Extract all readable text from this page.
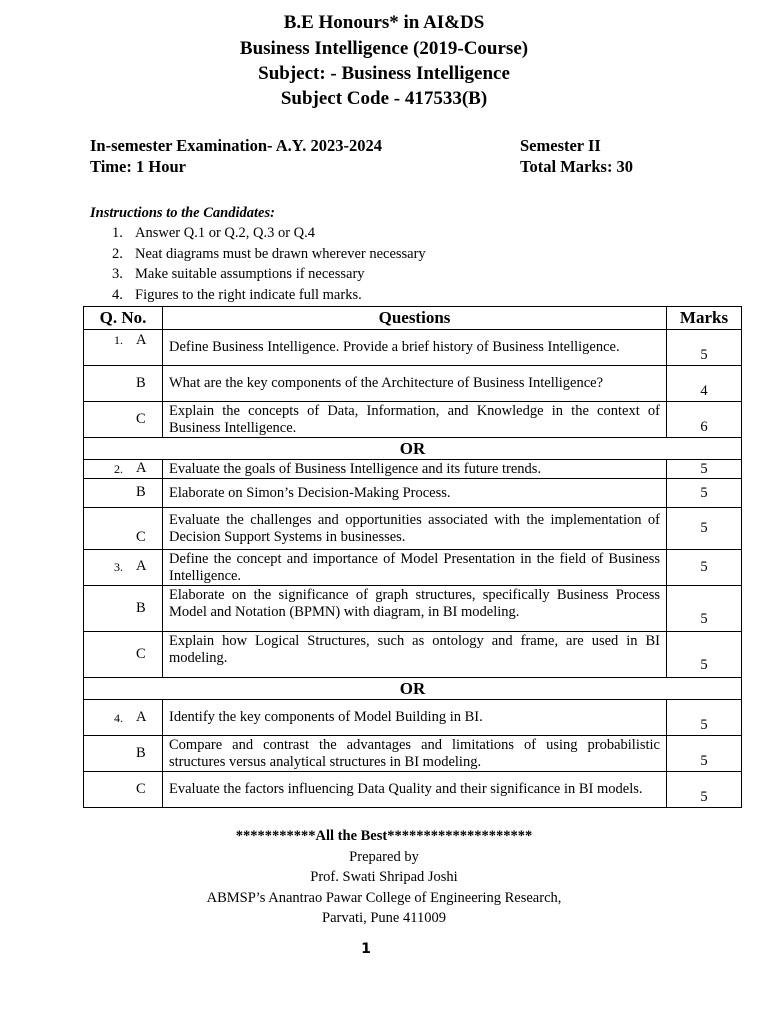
B.E Honours* in AI&DS
Business Intelligence (2019-Course)
Subject: - Business Intelligence
Subject Code - 417533(B)
In-semester Examination- A.Y. 2023-2024	Semester II
Time: 1 Hour	Total Marks: 30
Instructions to the Candidates:
1. Answer Q.1 or Q.2, Q.3 or Q.4
2. Neat diagrams must be drawn wherever necessary
3. Make suitable assumptions if necessary
4. Figures to the right indicate full marks.
Q. No.	Questions	Marks

1. A	Define Business Intelligence. Provide a brief history of Business Intelligence.	5

B	What are the key components of the Architecture of Business Intelligence?	4

C	Explain the concepts of Data, Information, and Knowledge in the context of Business Intelligence.	6
OR		

2. A	Evaluate the goals of Business Intelligence and its future trends.	5

B	Elaborate on Simon’s Decision-Making Process.	5

C	Evaluate the challenges and opportunities associated with the implementation of Decision Support Systems in businesses.	5

3. A	Define the concept and importance of Model Presentation in the field of Business Intelligence.	5

B	Elaborate on the significance of graph structures, specifically Business Process Model and Notation (BPMN) with diagram, in BI modeling.	5

C	Explain how Logical Structures, such as ontology and frame, are used in BI modeling.	5
OR		

4. A	Identify the key components of Model Building in BI.	5

B	Compare and contrast the advantages and limitations of using probabilistic structures versus analytical structures in BI modeling.	5

C	Evaluate the factors influencing Data Quality and their significance in BI models.	5
***********All the Best********************
Prepared by
Prof. Swati Shripad Joshi
ABMSP’s Anantrao Pawar College of Engineering Research,
Parvati, Pune 411009
1
